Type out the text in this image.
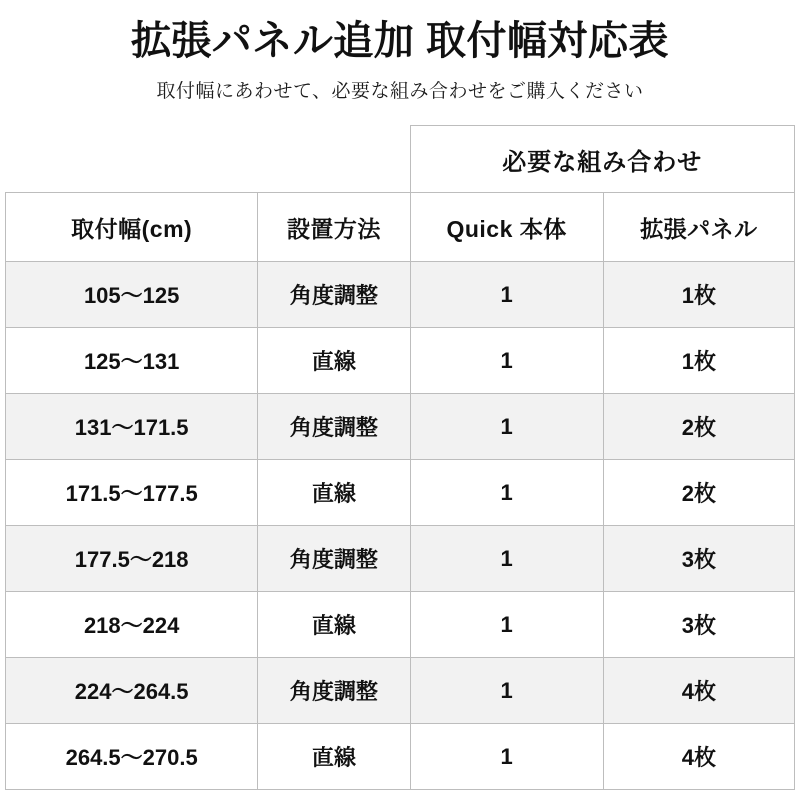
拡張パネル追加 取付幅対応表

取付幅にあわせて、必要な組み合わせをご購入ください

		必要な組み合わせ	
取付幅(cm)	設置方法	Quick 本体	拡張パネル
105〜125	角度調整	1	1枚
125〜131	直線	1	1枚
131〜171.5	角度調整	1	2枚
171.5〜177.5	直線	1	2枚
177.5〜218	角度調整	1	3枚
218〜224	直線	1	3枚
224〜264.5	角度調整	1	4枚
264.5〜270.5	直線	1	4枚
